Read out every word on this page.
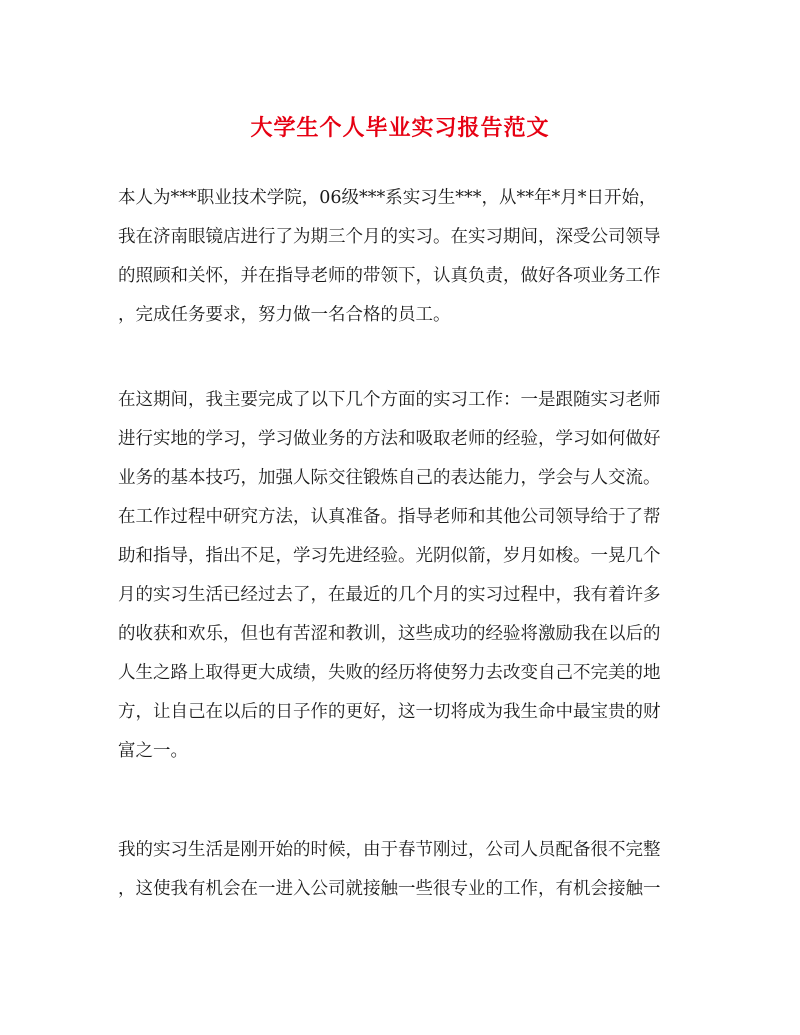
大学生个人毕业实习报告范文
本人为***职业技术学院，06级***系实习生***，从**年*月*日开始，
我在济南眼镜店进行了为期三个月的实习。在实习期间，深受公司领导
的照顾和关怀，并在指导老师的带领下，认真负责，做好各项业务工作
，完成任务要求，努力做一名合格的员工。
在这期间，我主要完成了以下几个方面的实习工作：一是跟随实习老师
进行实地的学习，学习做业务的方法和吸取老师的经验，学习如何做好
业务的基本技巧，加强人际交往锻炼自己的表达能力，学会与人交流。
在工作过程中研究方法，认真准备。指导老师和其他公司领导给于了帮
助和指导，指出不足，学习先进经验。光阴似箭，岁月如梭。一晃几个
月的实习生活已经过去了，在最近的几个月的实习过程中，我有着许多
的收获和欢乐，但也有苦涩和教训，这些成功的经验将激励我在以后的
人生之路上取得更大成绩，失败的经历将使努力去改变自己不完美的地
方，让自己在以后的日子作的更好，这一切将成为我生命中最宝贵的财
富之一。
我的实习生活是刚开始的时候，由于春节刚过，公司人员配备很不完整
，这使我有机会在一进入公司就接触一些很专业的工作，有机会接触一
